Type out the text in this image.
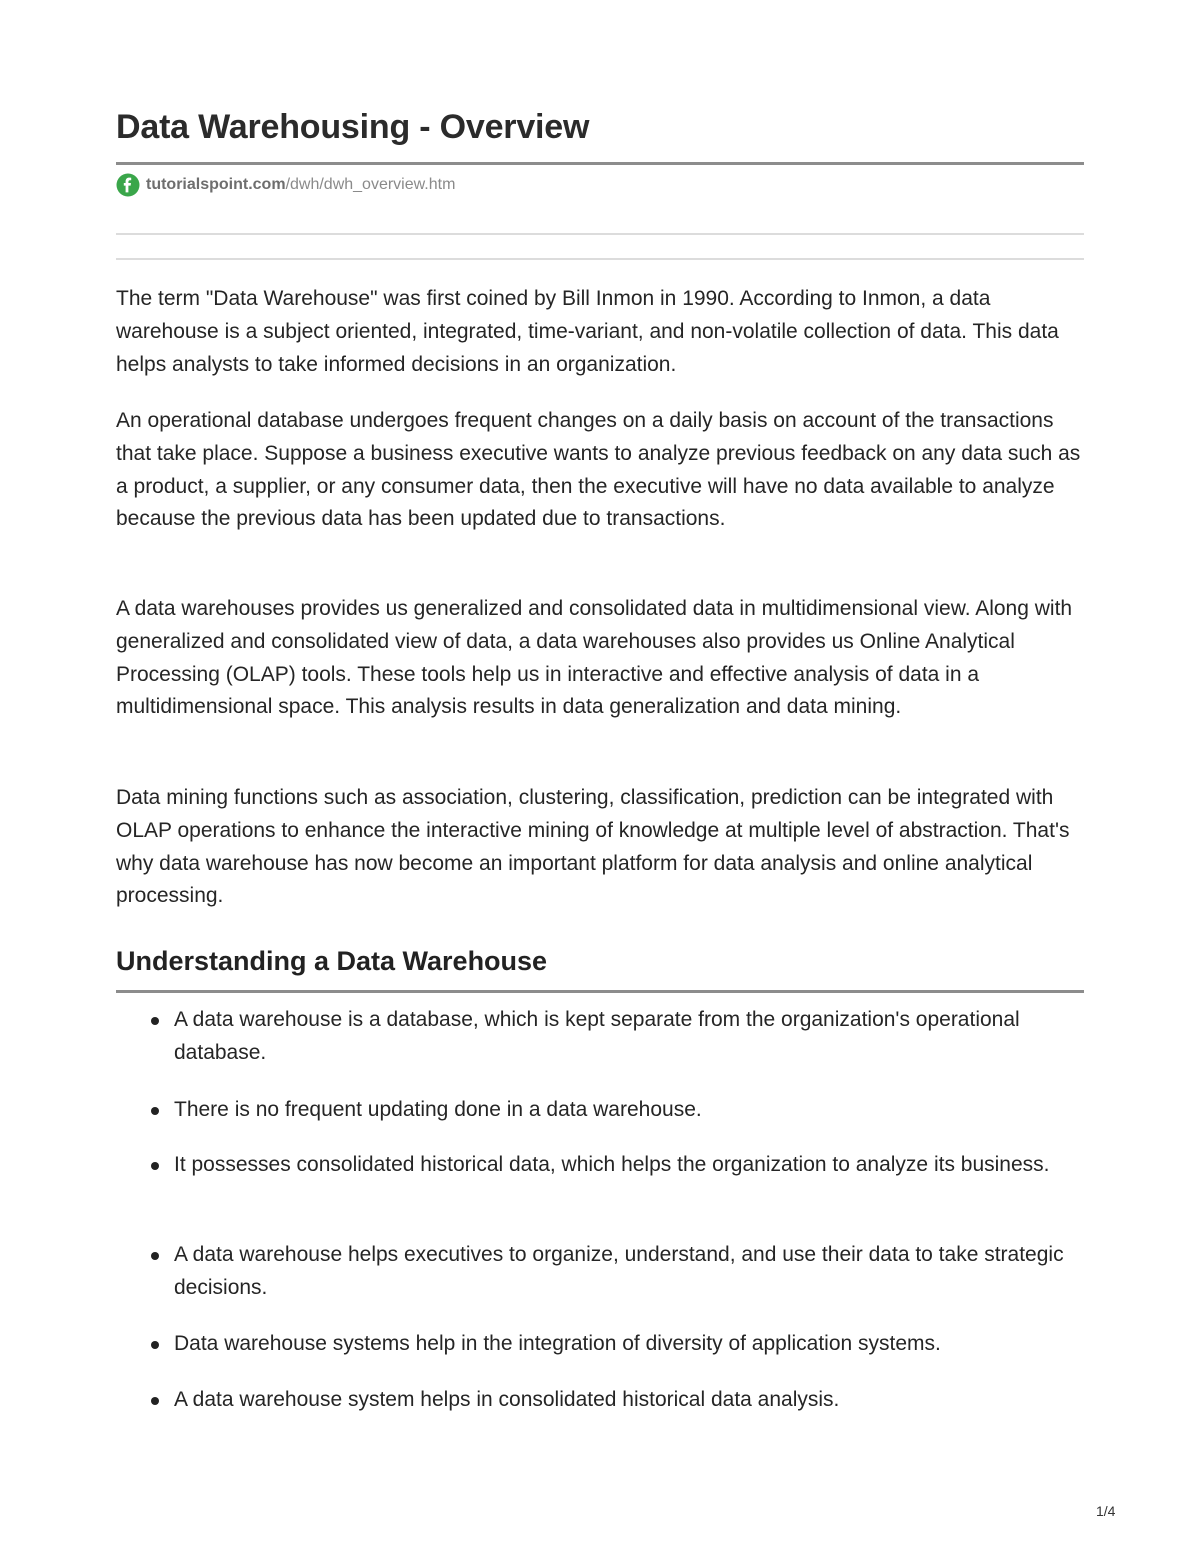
Data Warehousing - Overview
tutorialspoint.com /dwh/dwh_overview.htm

The term "Data Warehouse" was first coined by Bill Inmon in 1990. According to Inmon, a data warehouse is a subject oriented, integrated, time-variant, and non-volatile collection of data. This data helps analysts to take informed decisions in an organization.

An operational database undergoes frequent changes on a daily basis on account of the transactions that take place. Suppose a business executive wants to analyze previous feedback on any data such as a product, a supplier, or any consumer data, then the executive will have no data available to analyze because the previous data has been updated due to transactions.

A data warehouses provides us generalized and consolidated data in multidimensional view. Along with generalized and consolidated view of data, a data warehouses also provides us Online Analytical Processing (OLAP) tools. These tools help us in interactive and effective analysis of data in a multidimensional space. This analysis results in data generalization and data mining.

Data mining functions such as association, clustering, classification, prediction can be integrated with OLAP operations to enhance the interactive mining of knowledge at multiple level of abstraction. That's why data warehouse has now become an important platform for data analysis and online analytical processing.

Understanding a Data Warehouse
A data warehouse is a database, which is kept separate from the organization's operational database.
There is no frequent updating done in a data warehouse.
It possesses consolidated historical data, which helps the organization to analyze its business.
A data warehouse helps executives to organize, understand, and use their data to take strategic decisions.
Data warehouse systems help in the integration of diversity of application systems.
A data warehouse system helps in consolidated historical data analysis.
1/4
